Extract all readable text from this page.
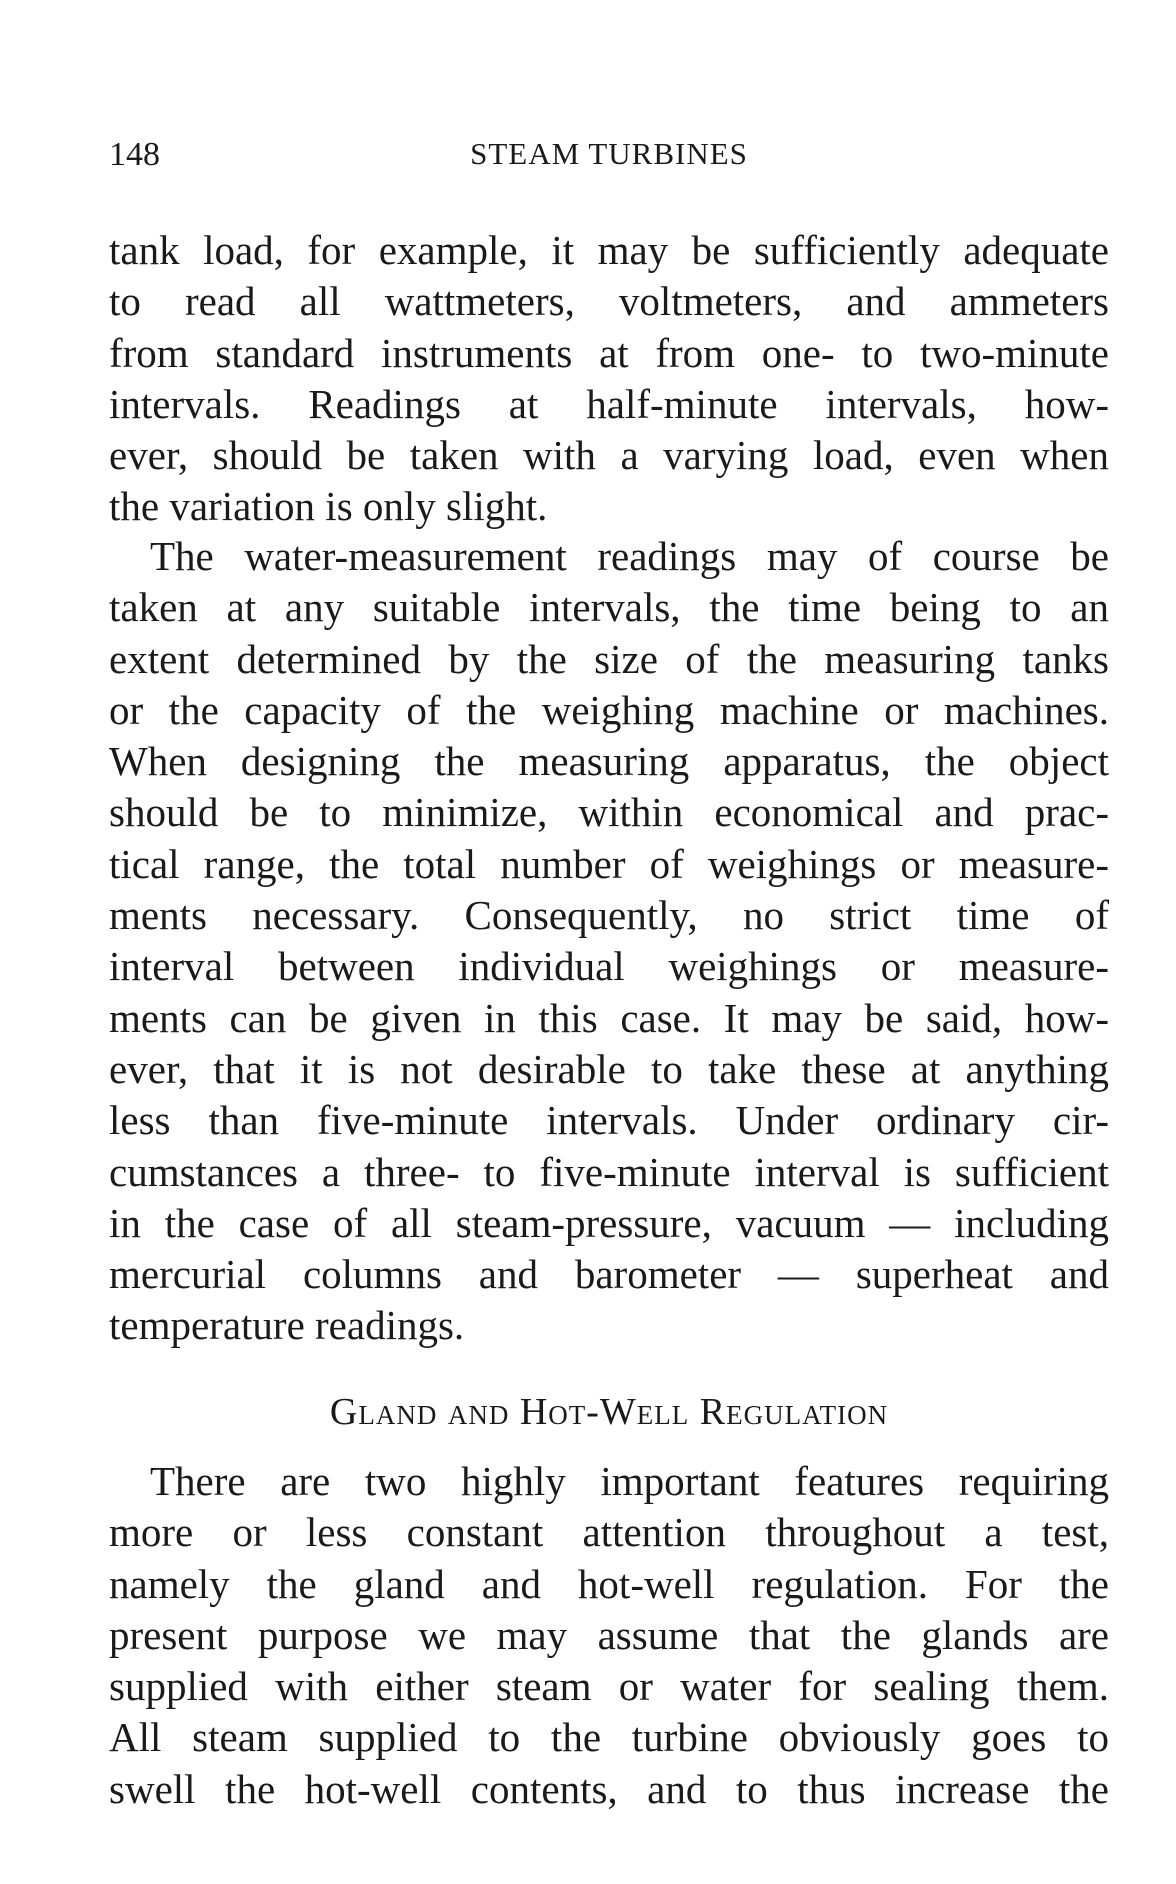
148	STEAM TURBINES
tank load, for example, it may be sufficiently adequate
to read all wattmeters, voltmeters, and ammeters
from standard instruments at from one- to two-minute
intervals. Readings at half-minute intervals, how-
ever, should be taken with a varying load, even when
the variation is only slight.
The water-measurement readings may of course be
taken at any suitable intervals, the time being to an
extent determined by the size of the measuring tanks
or the capacity of the weighing machine or machines.
When designing the measuring apparatus, the object
should be to minimize, within economical and prac-
tical range, the total number of weighings or measure-
ments necessary. Consequently, no strict time of
interval between individual weighings or measure-
ments can be given in this case. It may be said, how-
ever, that it is not desirable to take these at anything
less than five-minute intervals. Under ordinary cir-
cumstances a three- to five-minute interval is sufficient
in the case of all steam-pressure, vacuum — including
mercurial columns and barometer — superheat and
temperature readings.
Gland and Hot-Well Regulation
There are two highly important features requiring
more or less constant attention throughout a test,
namely the gland and hot-well regulation. For the
present purpose we may assume that the glands are
supplied with either steam or water for sealing them.
All steam supplied to the turbine obviously goes to
swell the hot-well contents, and to thus increase the
